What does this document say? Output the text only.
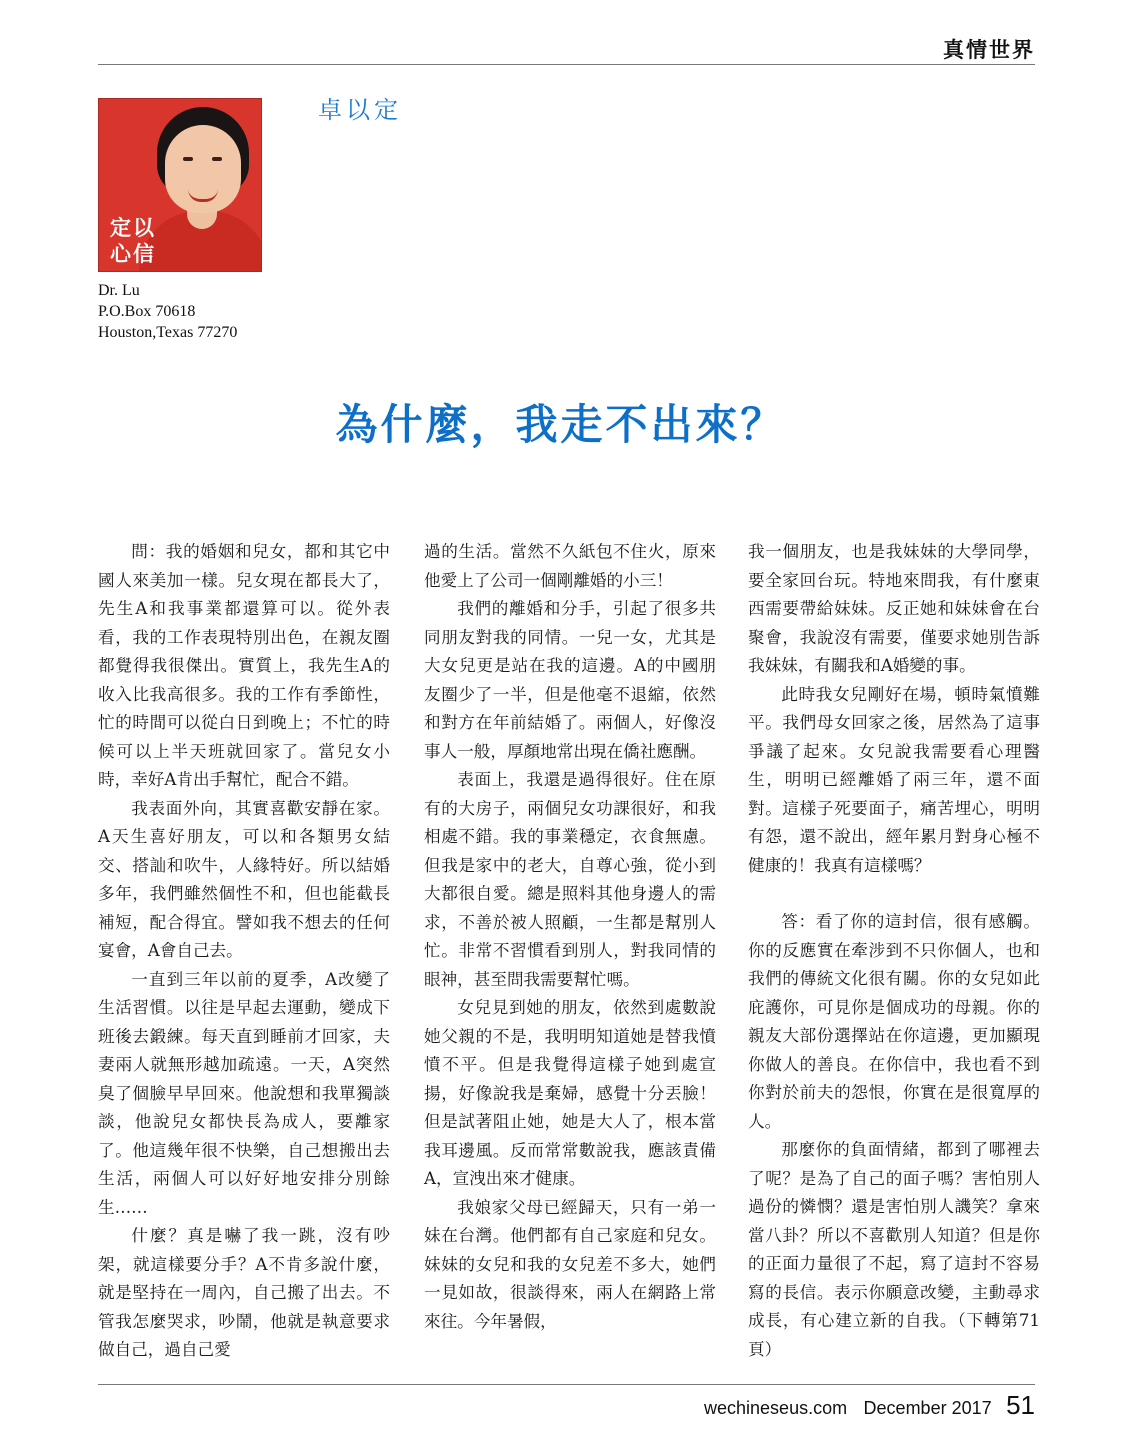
真情世界
定以
心信
卓以定
Dr. Lu
P.O.Box 70618
Houston,Texas 77270
為什麼，我走不出來？

問：我的婚姻和兒女，都和其它中國人來美加一樣。兒女現在都長大了，先生A和我事業都還算可以。從外表看，我的工作表現特別出色，在親友圈都覺得我很傑出。實質上，我先生A的收入比我高很多。我的工作有季節性，忙的時間可以從白日到晚上；不忙的時候可以上半天班就回家了。當兒女小時，幸好A肯出手幫忙，配合不錯。

我表面外向，其實喜歡安靜在家。A天生喜好朋友，可以和各類男女結交、搭訕和吹牛，人緣特好。所以結婚多年，我們雖然個性不和，但也能截長補短，配合得宜。譬如我不想去的任何宴會，A會自己去。

一直到三年以前的夏季，A改變了生活習慣。以往是早起去運動，變成下班後去鍛練。每天直到睡前才回家，夫妻兩人就無形越加疏遠。一天，A突然臭了個臉早早回來。他說想和我單獨談談，他說兒女都快長為成人，要離家了。他這幾年很不快樂，自己想搬出去生活，兩個人可以好好地安排分別餘生……

什麼？真是嚇了我一跳，沒有吵架，就這樣要分手？A不肯多說什麼，就是堅持在一周內，自己搬了出去。不管我怎麼哭求，吵鬧，他就是執意要求做自己，過自己愛

過的生活。當然不久紙包不住火，原來他愛上了公司一個剛離婚的小三！

我們的離婚和分手，引起了很多共同朋友對我的同情。一兒一女，尤其是大女兒更是站在我的這邊。A的中國朋友圈少了一半，但是他毫不退縮，依然和對方在年前結婚了。兩個人，好像沒事人一般，厚顏地常出現在僑社應酬。

表面上，我還是過得很好。住在原有的大房子，兩個兒女功課很好，和我相處不錯。我的事業穩定，衣食無慮。但我是家中的老大，自尊心強，從小到大都很自愛。總是照料其他身邊人的需求，不善於被人照顧，一生都是幫別人忙。非常不習慣看到別人，對我同情的眼神，甚至問我需要幫忙嗎。

女兒見到她的朋友，依然到處數說她父親的不是，我明明知道她是替我憤憤不平。但是我覺得這樣子她到處宣揚，好像說我是棄婦，感覺十分丟臉！但是試著阻止她，她是大人了，根本當我耳邊風。反而常常數說我，應該責備A，宣洩出來才健康。

我娘家父母已經歸天，只有一弟一妹在台灣。他們都有自己家庭和兒女。妹妹的女兒和我的女兒差不多大，她們一見如故，很談得來，兩人在網路上常來往。今年暑假，

我一個朋友，也是我妹妹的大學同學，要全家回台玩。特地來問我，有什麼東西需要帶給妹妹。反正她和妹妹會在台聚會，我說沒有需要，僅要求她別告訴我妹妹，有關我和A婚變的事。

此時我女兒剛好在場，頓時氣憤難平。我們母女回家之後，居然為了這事爭議了起來。女兒說我需要看心理醫生，明明已經離婚了兩三年，還不面對。這樣子死要面子，痛苦埋心，明明有怨，還不說出，經年累月對身心極不健康的！我真有這樣嗎？

答：看了你的這封信，很有感觸。你的反應實在牽涉到不只你個人，也和我們的傳統文化很有關。你的女兒如此庇護你，可見你是個成功的母親。你的親友大部份選擇站在你這邊，更加顯現你做人的善良。在你信中，我也看不到你對於前夫的怨恨，你實在是很寬厚的人。

那麼你的負面情緒，都到了哪裡去了呢？是為了自己的面子嗎？害怕別人過份的憐憫？還是害怕別人譏笑？拿來當八卦？所以不喜歡別人知道？但是你的正面力量很了不起，寫了這封不容易寫的長信。表示你願意改變，主動尋求成長，有心建立新的自我。（下轉第71頁）

wechineseus.com December 2017 51
